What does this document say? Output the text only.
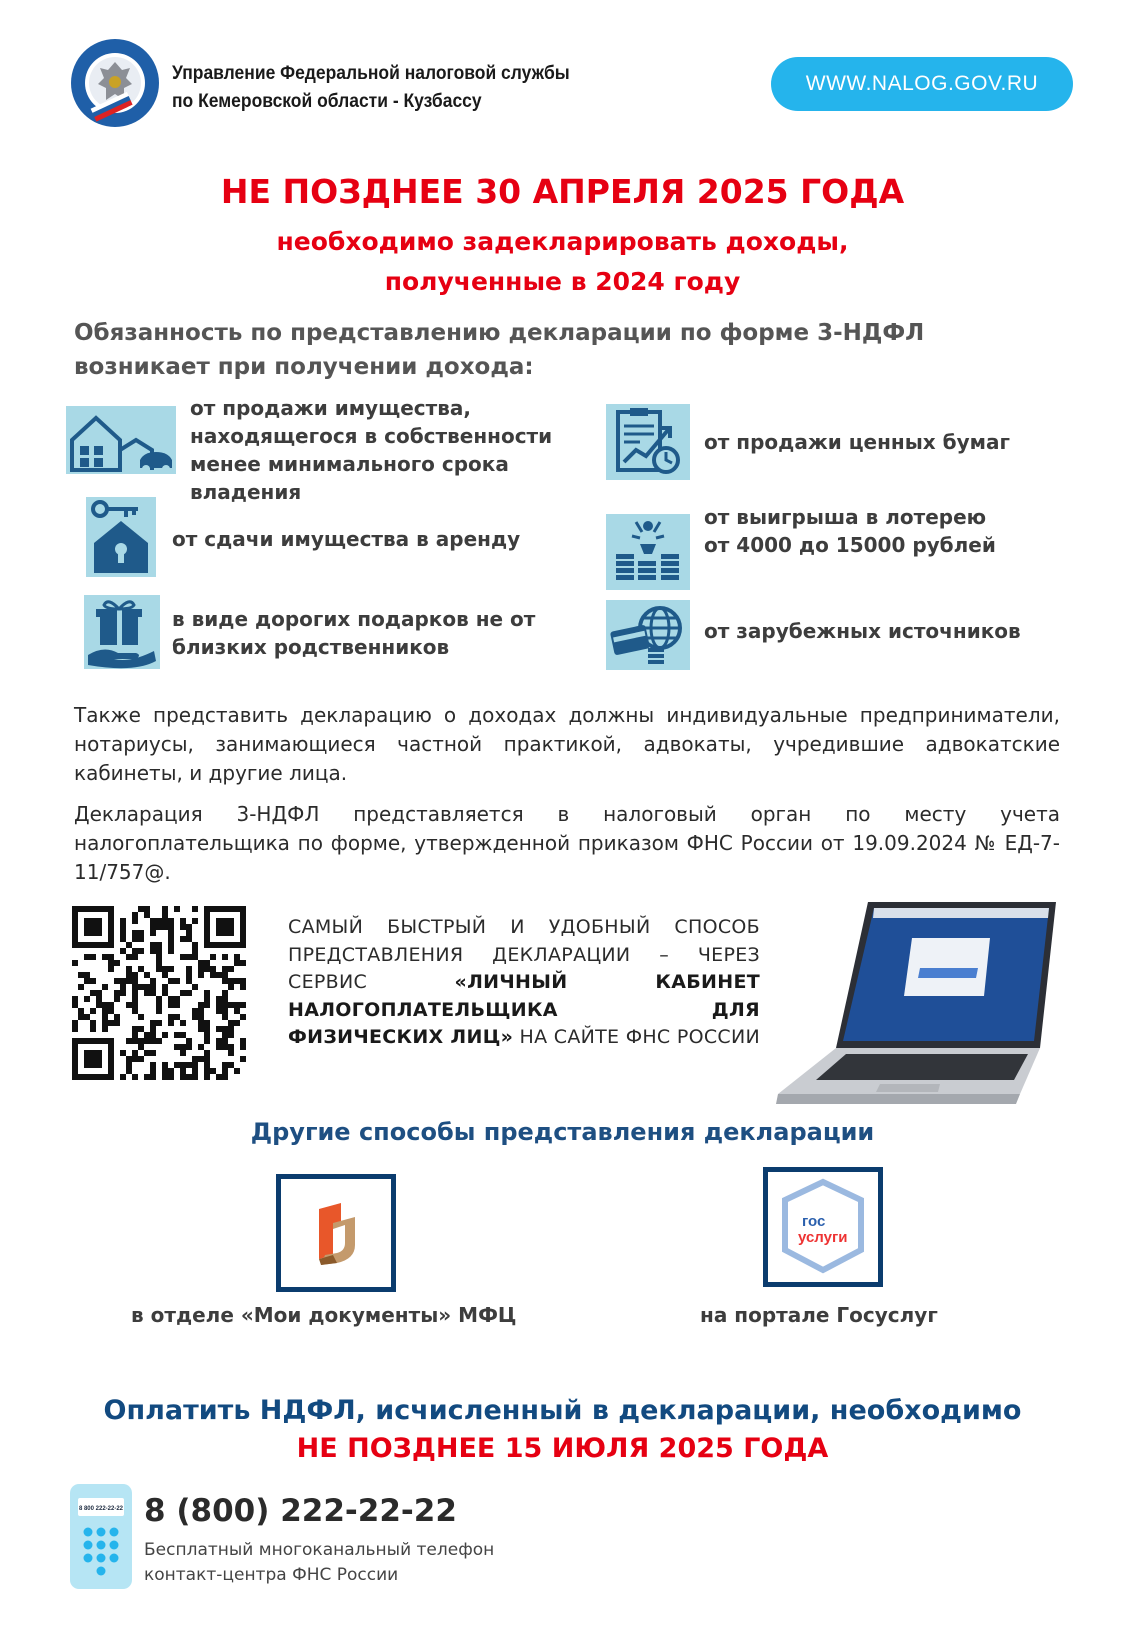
Управление Федеральной налоговой службы
по Кемеровской области - Кузбассу
WWW.NALOG.GOV.RU
НЕ ПОЗДНЕЕ 30 АПРЕЛЯ 2025 ГОДА
необходимо задекларировать доходы,
полученные в 2024 году
Обязанность по представлению декларации по форме 3-НДФЛ
возникает при получении дохода:
от продажи имущества,
находящегося в собственности
менее минимального срока
владения
от сдачи имущества в аренду
в виде дорогих подарков не от
близких родственников
от продажи ценных бумаг
от выигрыша в лотерею
от 4000 до 15000 рублей
от зарубежных источников
Также представить декларацию о доходах должны индивидуальные предприниматели, нотариусы, занимающиеся частной практикой, адвокаты, учредившие адвокатские кабинеты, и другие лица.
Декларация 3-НДФЛ представляется в налоговый орган по месту учета налогоплательщика по форме, утвержденной приказом ФНС России от 19.09.2024 № ЕД-7-11/757@.
САМЫЙ БЫСТРЫЙ И УДОБНЫЙ СПОСОБ ПРЕДСТАВЛЕНИЯ ДЕКЛАРАЦИИ – ЧЕРЕЗ СЕРВИС «ЛИЧНЫЙ КАБИНЕТ НАЛОГОПЛАТЕЛЬЩИКА ДЛЯ ФИЗИЧЕСКИХ ЛИЦ» НА САЙТЕ ФНС РОССИИ
Другие способы представления декларации
гос
услуги
в отделе «Мои документы» МФЦ	на портале Госуслуг
Оплатить НДФЛ, исчисленный в декларации, необходимо
НЕ ПОЗДНЕЕ 15 ИЮЛЯ 2025 ГОДА
8 800 222-22-22 8 (800) 222-22-22
Бесплатный многоканальный телефон
контакт-центра ФНС России
